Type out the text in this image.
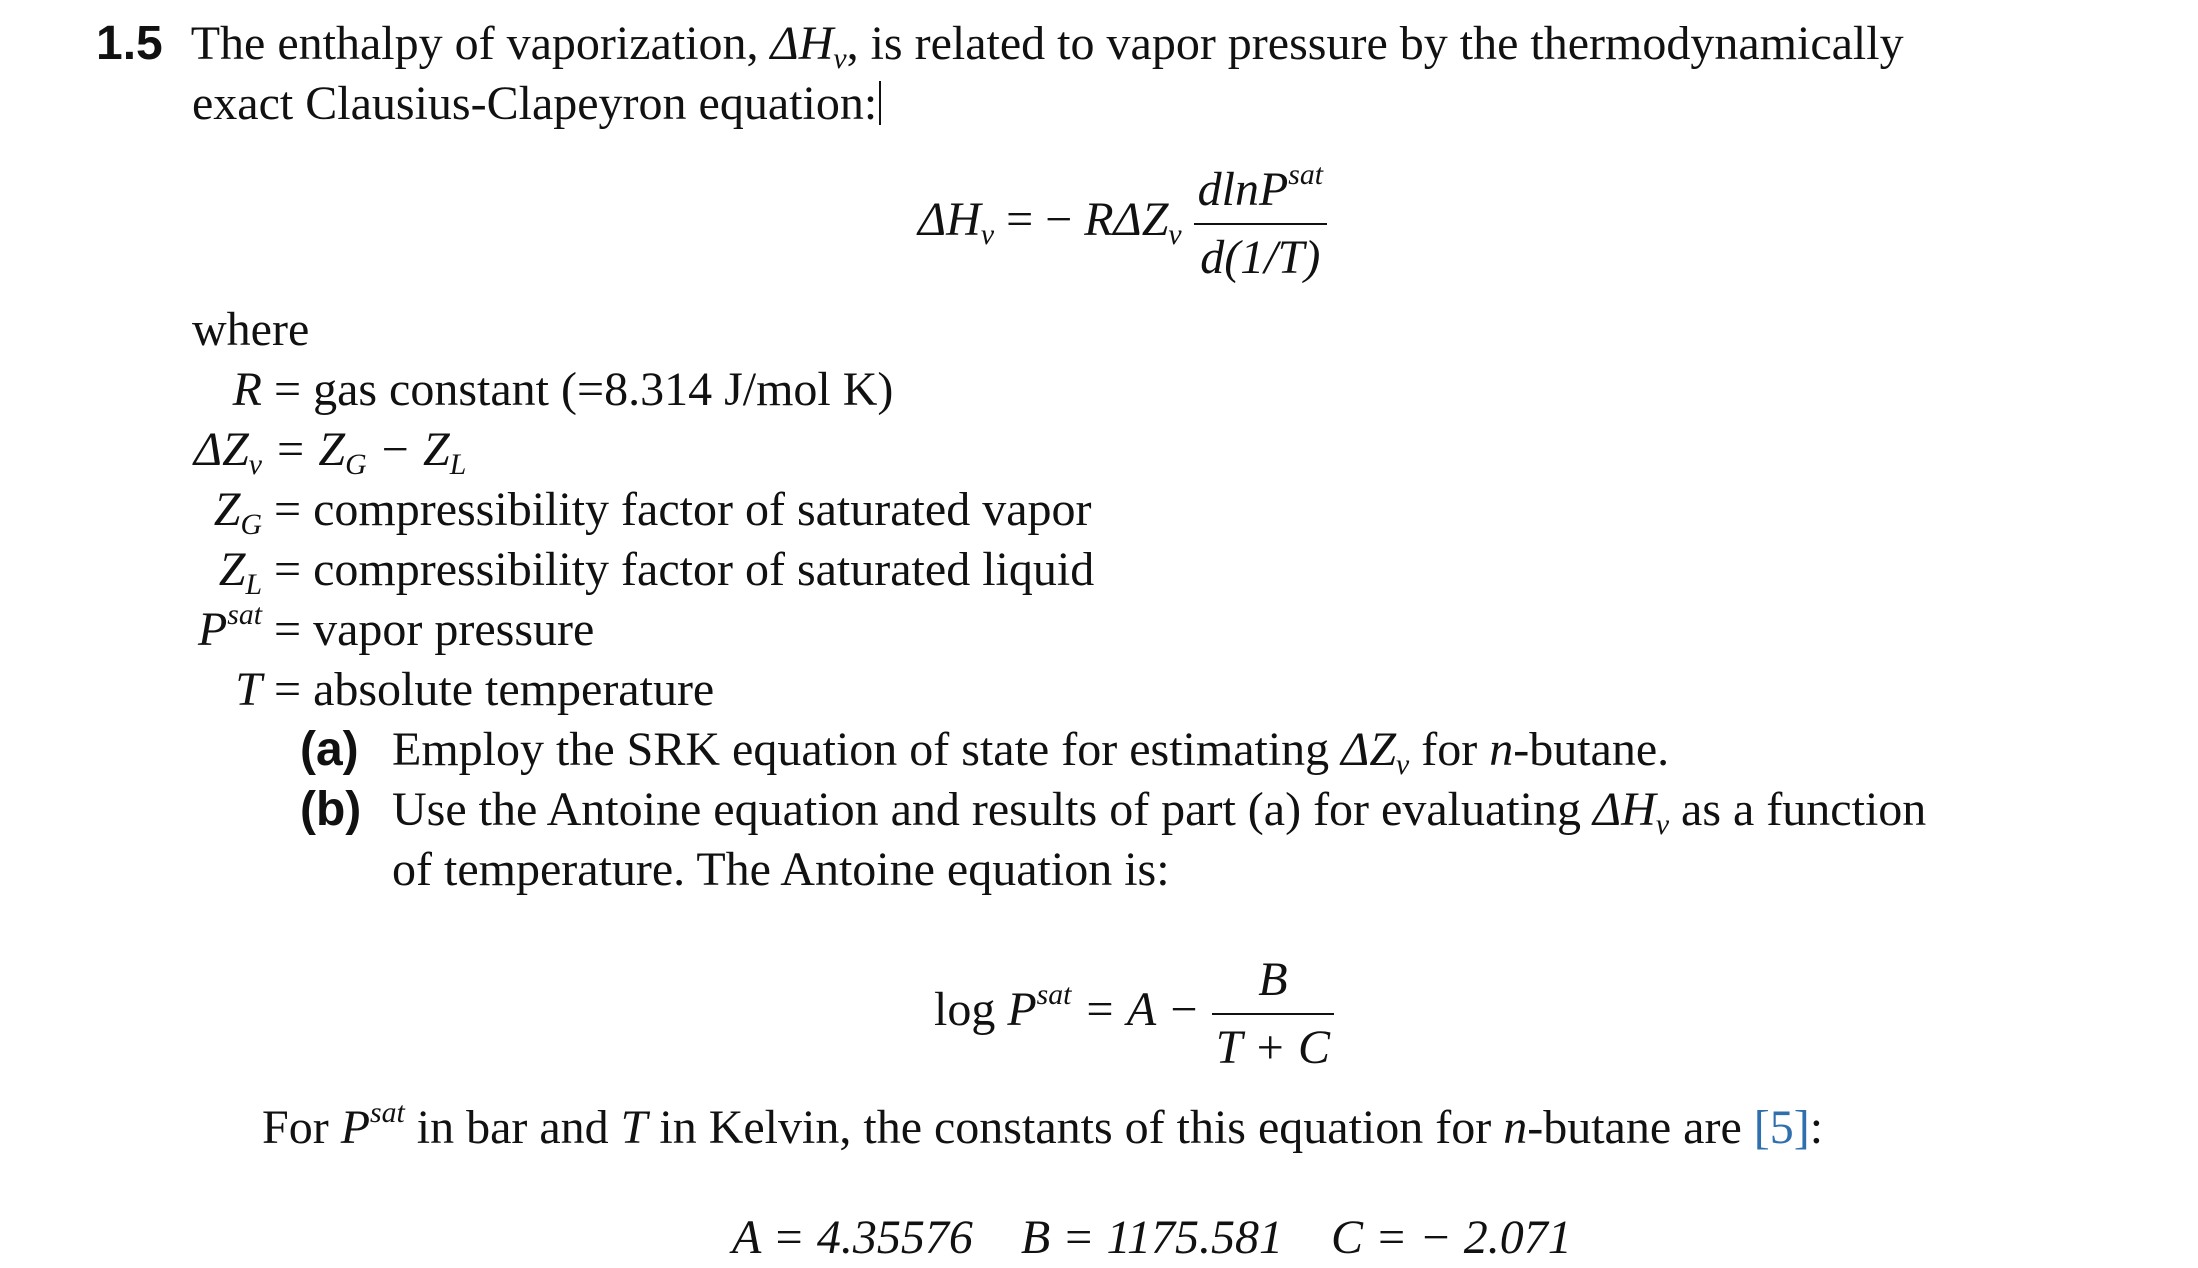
1.5 The enthalpy of vaporization, $\Delta H_v$, is related to vapor pressure by the thermodynamically
exact Clausius-Clapeyron equation:
$\Delta H_v$ = − $R\Delta Z_v \frac{dlnP^{sat}}{d(1/T)}$
where
R = gas constant (=8.314 J/mol K)
$\Delta Z_v = Z_G - Z_L$
$Z_G$ = compressibility factor of saturated vapor
$Z_L$ = compressibility factor of saturated liquid
$P^{sat}$ = vapor pressure
T = absolute temperature
(a) Employ the SRK equation of state for estimating $\Delta Z_v$ for n-butane.
(b) Use the Antoine equation and results of part (a) for evaluating $\Delta H_v$ as a function
of temperature. The Antoine equation is:
$\log P^{sat} = A - \frac{B}{T + C}$
For $P^{sat}$ in bar and T in Kelvin, the constants of this equation for n-butane are [5]:
A = 4.35576 B = 1175.581 C = − 2.071
